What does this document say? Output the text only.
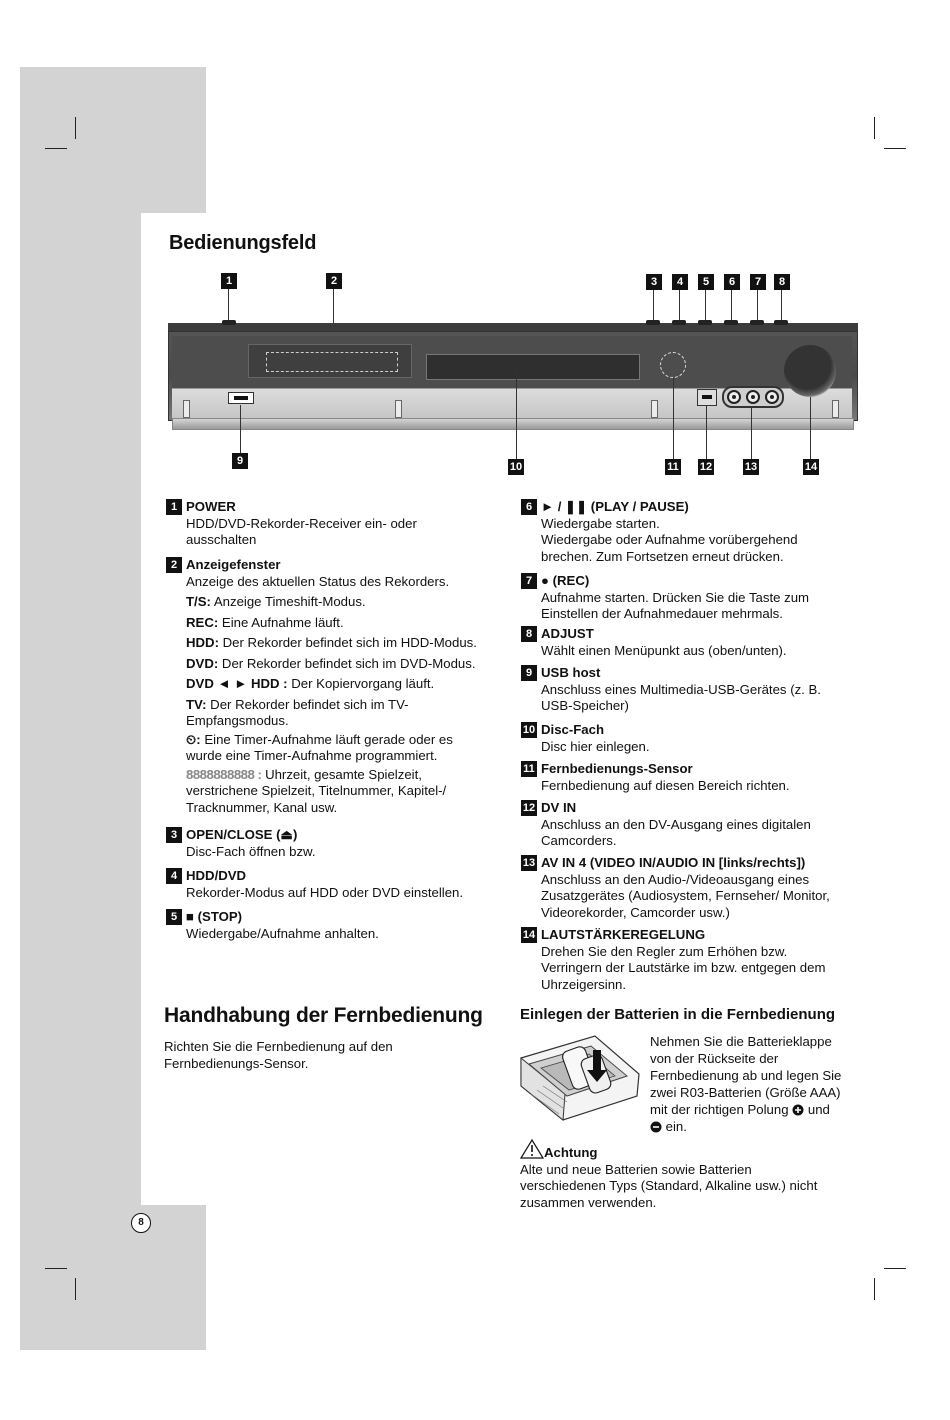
Bedienungsfeld
1	2	3	4	5	6	7	8
9	10	11 12	13	14
1 POWER

HDD/DVD-Rekorder-Receiver ein- oder

ausschalten

2 Anzeigefenster

Anzeige des aktuellen Status des Rekorders.

T/S: Anzeige Timeshift-Modus.

REC: Eine Aufnahme läuft.

HDD: Der Rekorder befindet sich im HDD-Modus.

DVD: Der Rekorder befindet sich im DVD-Modus.

DVD ◄ ► HDD : Der Kopiervorgang läuft.

TV: Der Rekorder befindet sich im TV-Empfangsmodus.

⏲: Eine Timer-Aufnahme läuft gerade oder es wurde eine Timer-Aufnahme programmiert.

8888888888 : Uhrzeit, gesamte Spielzeit, verstrichene Spielzeit, Titelnummer, Kapitel-/ Tracknummer, Kanal usw.

3 OPEN/CLOSE (⏏)

Disc-Fach öffnen bzw.

4 HDD/DVD

Rekorder-Modus auf HDD oder DVD einstellen.

5 ■ (STOP)

Wiedergabe/Aufnahme anhalten.

6 ► / ❚❚ (PLAY / PAUSE)

Wiedergabe starten.

Wiedergabe oder Aufnahme vorübergehend

brechen. Zum Fortsetzen erneut drücken.

7 ● (REC)

Aufnahme starten. Drücken Sie die Taste zum

Einstellen der Aufnahmedauer mehrmals.

8 ADJUST

Wählt einen Menüpunkt aus (oben/unten).

9 USB host

Anschluss eines Multimedia-USB-Gerätes (z. B.

USB-Speicher)

10 Disc-Fach

Disc hier einlegen.

11 Fernbedienungs-Sensor

Fernbedienung auf diesen Bereich richten.

12 DV IN

Anschluss an den DV-Ausgang eines digitalen

Camcorders.

13 AV IN 4 (VIDEO IN/AUDIO IN [links/rechts])

Anschluss an den Audio-/Videoausgang eines

Zusatzgerätes (Audiosystem, Fernseher/ Monitor,

Videorekorder, Camcorder usw.)

14 LAUTSTÄRKEREGELUNG

Drehen Sie den Regler zum Erhöhen bzw.

Verringern der Lautstärke im bzw. entgegen dem

Uhrzeigersinn.

Handhabung der Fernbedienung

Richten Sie die Fernbedienung auf den

Fernbedienungs-Sensor.

Einlegen der Batterien in die Fernbedienung

Nehmen Sie die Batterieklappe

von der Rückseite der

Fernbedienung ab und legen Sie

zwei R03-Batterien (Größe AAA)

mit der richtigen Polung und

ein.

Achtung

Alte und neue Batterien sowie Batterien

verschiedenen Typs (Standard, Alkaline usw.) nicht

zusammen verwenden.

8
